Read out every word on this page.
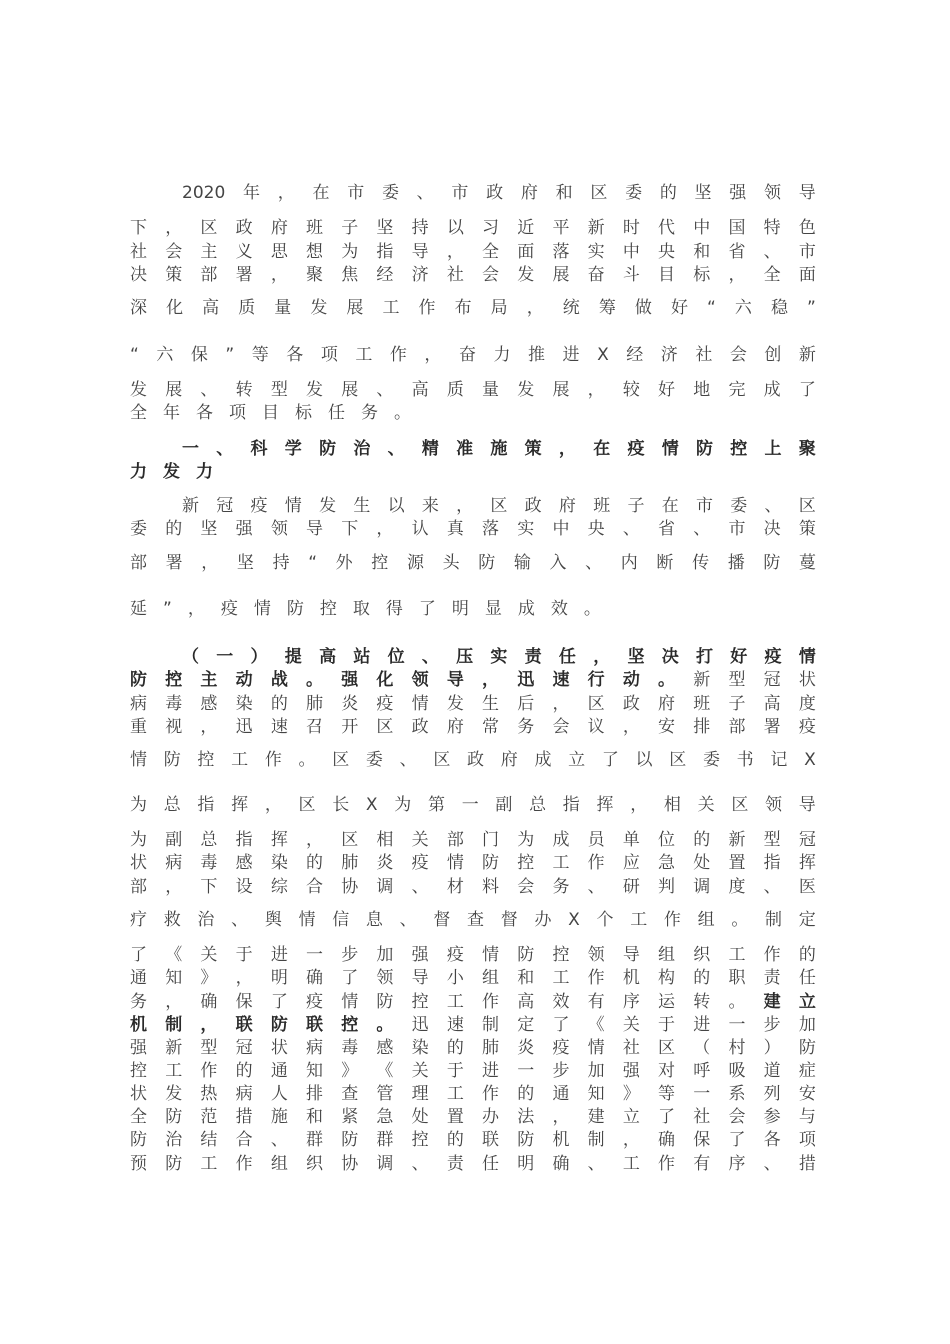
2020 年 ， 在 市 委 、 市 政 府 和 区 委 的 坚 强 领 导
下 ， 区 政 府 班 子 坚 持 以 习 近 平 新 时 代 中 国 特 色
社 会 主 义 思 想 为 指 导 ， 全 面 落 实 中 央 和 省 、 市
决 策 部 署 ， 聚 焦 经 济 社 会 发 展 奋 斗 目 标 ， 全 面
深 化 高 质 量 发 展 工 作 布 局 ， 统 筹 做 好 “ 六 稳 ”
“ 六 保 ” 等 各 项 工 作 ， 奋 力 推 进 X 经 济 社 会 创 新
发 展 、 转 型 发 展 、 高 质 量 发 展 ， 较 好 地 完 成 了
全 年 各 项 目 标 任 务 。
一 、 科 学 防 治 、 精 准 施 策 ， 在 疫 情 防 控 上 聚
力 发 力
新 冠 疫 情 发 生 以 来 ， 区 政 府 班 子 在 市 委 、 区
委 的 坚 强 领 导 下 ， 认 真 落 实 中 央 、 省 、 市 决 策
部 署 ， 坚 持 “ 外 控 源 头 防 输 入 、 内 断 传 播 防 蔓
延 ” ， 疫 情 防 控 取 得 了 明 显 成 效 。
（ 一 ） 提 高 站 位 、 压 实 责 任 ， 坚 决 打 好 疫 情
防 控 主 动 战 。 强 化 领 导 ， 迅 速 行 动 。 新 型 冠 状
病 毒 感 染 的 肺 炎 疫 情 发 生 后 ， 区 政 府 班 子 高 度
重 视 ， 迅 速 召 开 区 政 府 常 务 会 议 ， 安 排 部 署 疫
情 防 控 工 作 。 区 委 、 区 政 府 成 立 了 以 区 委 书 记 X
为 总 指 挥 ， 区 长 X 为 第 一 副 总 指 挥 ， 相 关 区 领 导
为 副 总 指 挥 ， 区 相 关 部 门 为 成 员 单 位 的 新 型 冠
状 病 毒 感 染 的 肺 炎 疫 情 防 控 工 作 应 急 处 置 指 挥
部 ， 下 设 综 合 协 调 、 材 料 会 务 、 研 判 调 度 、 医
疗 救 治 、 舆 情 信 息 、 督 查 督 办 X 个 工 作 组 。 制 定
了 《 关 于 进 一 步 加 强 疫 情 防 控 领 导 组 织 工 作 的
通 知 》 ， 明 确 了 领 导 小 组 和 工 作 机 构 的 职 责 任
务 ， 确 保 了 疫 情 防 控 工 作 高 效 有 序 运 转 。 建 立
机 制 ， 联 防 联 控 。 迅 速 制 定 了 《 关 于 进 一 步 加
强 新 型 冠 状 病 毒 感 染 的 肺 炎 疫 情 社 区 （ 村 ） 防
控 工 作 的 通 知 》 《 关 于 进 一 步 加 强 对 呼 吸 道 症
状 发 热 病 人 排 查 管 理 工 作 的 通 知 》 等 一 系 列 安
全 防 范 措 施 和 紧 急 处 置 办 法 ， 建 立 了 社 会 参 与
防 治 结 合 、 群 防 群 控 的 联 防 机 制 ， 确 保 了 各 项
预 防 工 作 组 织 协 调 、 责 任 明 确 、 工 作 有 序 、 措
